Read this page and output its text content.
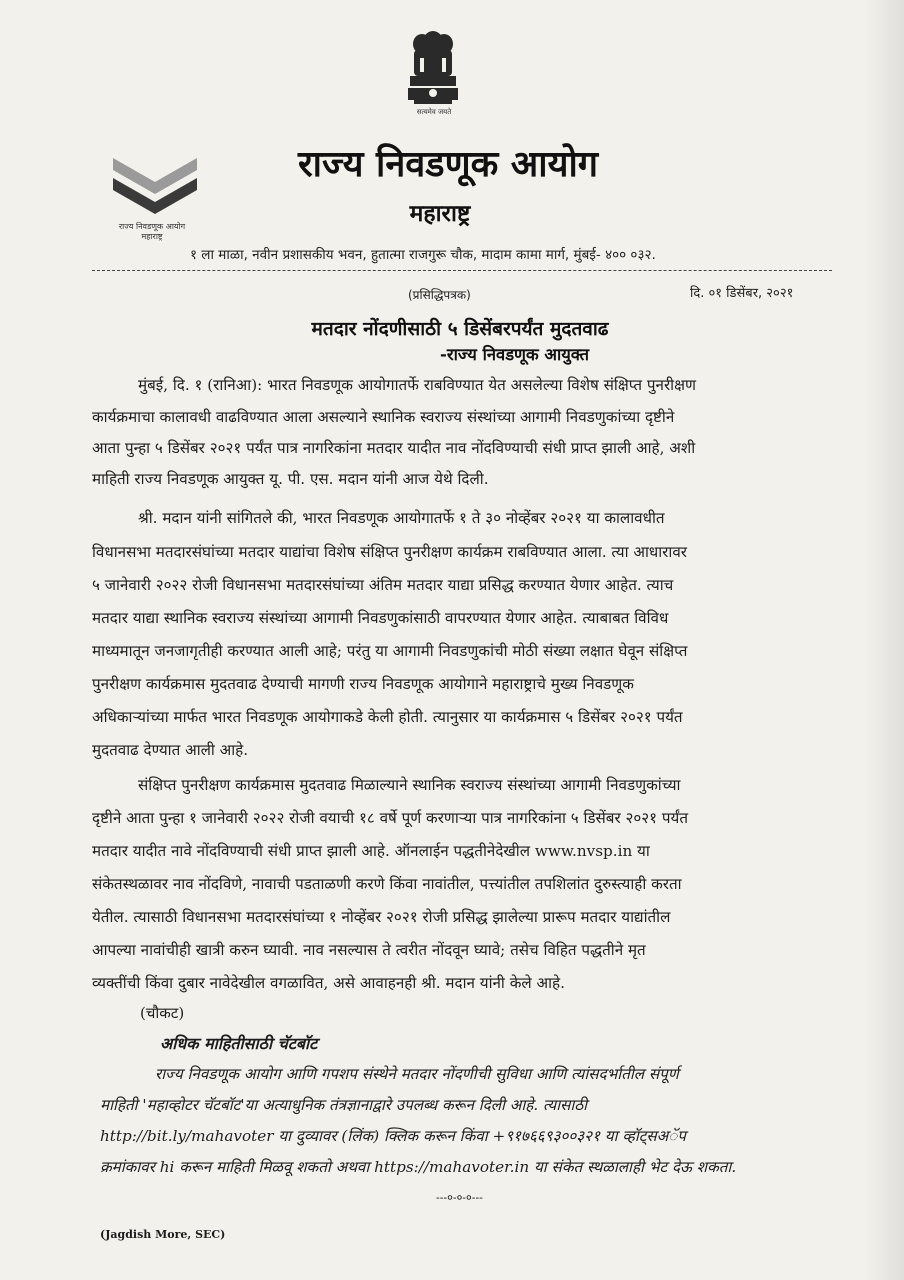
सत्यमेव जयते
राज्य निवडणूक आयोग
महाराष्ट्र
राज्य निवडणूक आयोग
महाराष्ट्र
१ ला माळा, नवीन प्रशासकीय भवन, हुतात्मा राजगुरू चौक, मादाम कामा मार्ग, मुंबई- ४०० ०३२.
(प्रसिद्धिपत्रक)	दि. ०१ डिसेंबर, २०२१
मतदार नोंदणीसाठी ५ डिसेंबरपर्यंत मुदतवाढ
-राज्य निवडणूक आयुक्त
मुंबई, दि. १ (रानिआ): भारत निवडणूक आयोगातर्फे राबविण्यात येत असलेल्या विशेष संक्षिप्त पुनरीक्षण
कार्यक्रमाचा कालावधी वाढविण्यात आला असल्याने स्थानिक स्वराज्य संस्थांच्या आगामी निवडणुकांच्या दृष्टीने
आता पुन्हा ५ डिसेंबर २०२१ पर्यंत पात्र नागरिकांना मतदार यादीत नाव नोंदविण्याची संधी प्राप्त झाली आहे, अशी
माहिती राज्य निवडणूक आयुक्त यू. पी. एस. मदान यांनी आज येथे दिली.
श्री. मदान यांनी सांगितले की, भारत निवडणूक आयोगातर्फे १ ते ३० नोव्हेंबर २०२१ या कालावधीत
विधानसभा मतदारसंघांच्या मतदार याद्यांचा विशेष संक्षिप्त पुनरीक्षण कार्यक्रम राबविण्यात आला. त्या आधारावर
५ जानेवारी २०२२ रोजी विधानसभा मतदारसंघांच्या अंतिम मतदार याद्या प्रसिद्ध करण्यात येणार आहेत. त्याच
मतदार याद्या स्थानिक स्वराज्य संस्थांच्या आगामी निवडणुकांसाठी वापरण्यात येणार आहेत. त्याबाबत विविध
माध्यमातून जनजागृतीही करण्यात आली आहे; परंतु या आगामी निवडणुकांची मोठी संख्या लक्षात घेवून संक्षिप्त
पुनरीक्षण कार्यक्रमास मुदतवाढ देण्याची मागणी राज्य निवडणूक आयोगाने महाराष्ट्राचे मुख्य निवडणूक
अधिकाऱ्यांच्या मार्फत भारत निवडणूक आयोगाकडे केली होती. त्यानुसार या कार्यक्रमास ५ डिसेंबर २०२१ पर्यंत
मुदतवाढ देण्यात आली आहे.
संक्षिप्त पुनरीक्षण कार्यक्रमास मुदतवाढ मिळाल्याने स्थानिक स्वराज्य संस्थांच्या आगामी निवडणुकांच्या
दृष्टीने आता पुन्हा १ जानेवारी २०२२ रोजी वयाची १८ वर्षे पूर्ण करणाऱ्या पात्र नागरिकांना ५ डिसेंबर २०२१ पर्यंत
मतदार यादीत नावे नोंदविण्याची संधी प्राप्त झाली आहे. ऑनलाईन पद्धतीनेदेखील www.nvsp.in या
संकेतस्थळावर नाव नोंदविणे, नावाची पडताळणी करणे किंवा नावांतील, पत्त्यांतील तपशिलांत दुरुस्त्याही करता
येतील. त्यासाठी विधानसभा मतदारसंघांच्या १ नोव्हेंबर २०२१ रोजी प्रसिद्ध झालेल्या प्रारूप मतदार याद्यांतील
आपल्या नावांचीही खात्री करुन घ्यावी. नाव नसल्यास ते त्वरीत नोंदवून घ्यावे; तसेच विहित पद्धतीने मृत
व्यक्तींची किंवा दुबार नावेदेखील वगळावित, असे आवाहनही श्री. मदान यांनी केले आहे.
(चौकट)
अधिक माहितीसाठी चॅटबॉट
राज्य निवडणूक आयोग आणि गपशप संस्थेने मतदार नोंदणीची सुविधा आणि त्यांसदर्भातील संपूर्ण
माहिती 'महाव्होटर चॅटबॉट'या अत्याधुनिक तंत्रज्ञानाद्वारे उपलब्ध करून दिली आहे. त्यासाठी
http://bit.ly/mahavoter या दुव्यावर (लिंक) क्लिक करून किंवा +९१७६६९३००३२१ या व्हॉट्सअॅप
क्रमांकावर hi करून माहिती मिळवू शकतो अथवा https://mahavoter.in या संकेत स्थळालाही भेट देऊ शकता.
---०-०-०---
(Jagdish More, SEC)
